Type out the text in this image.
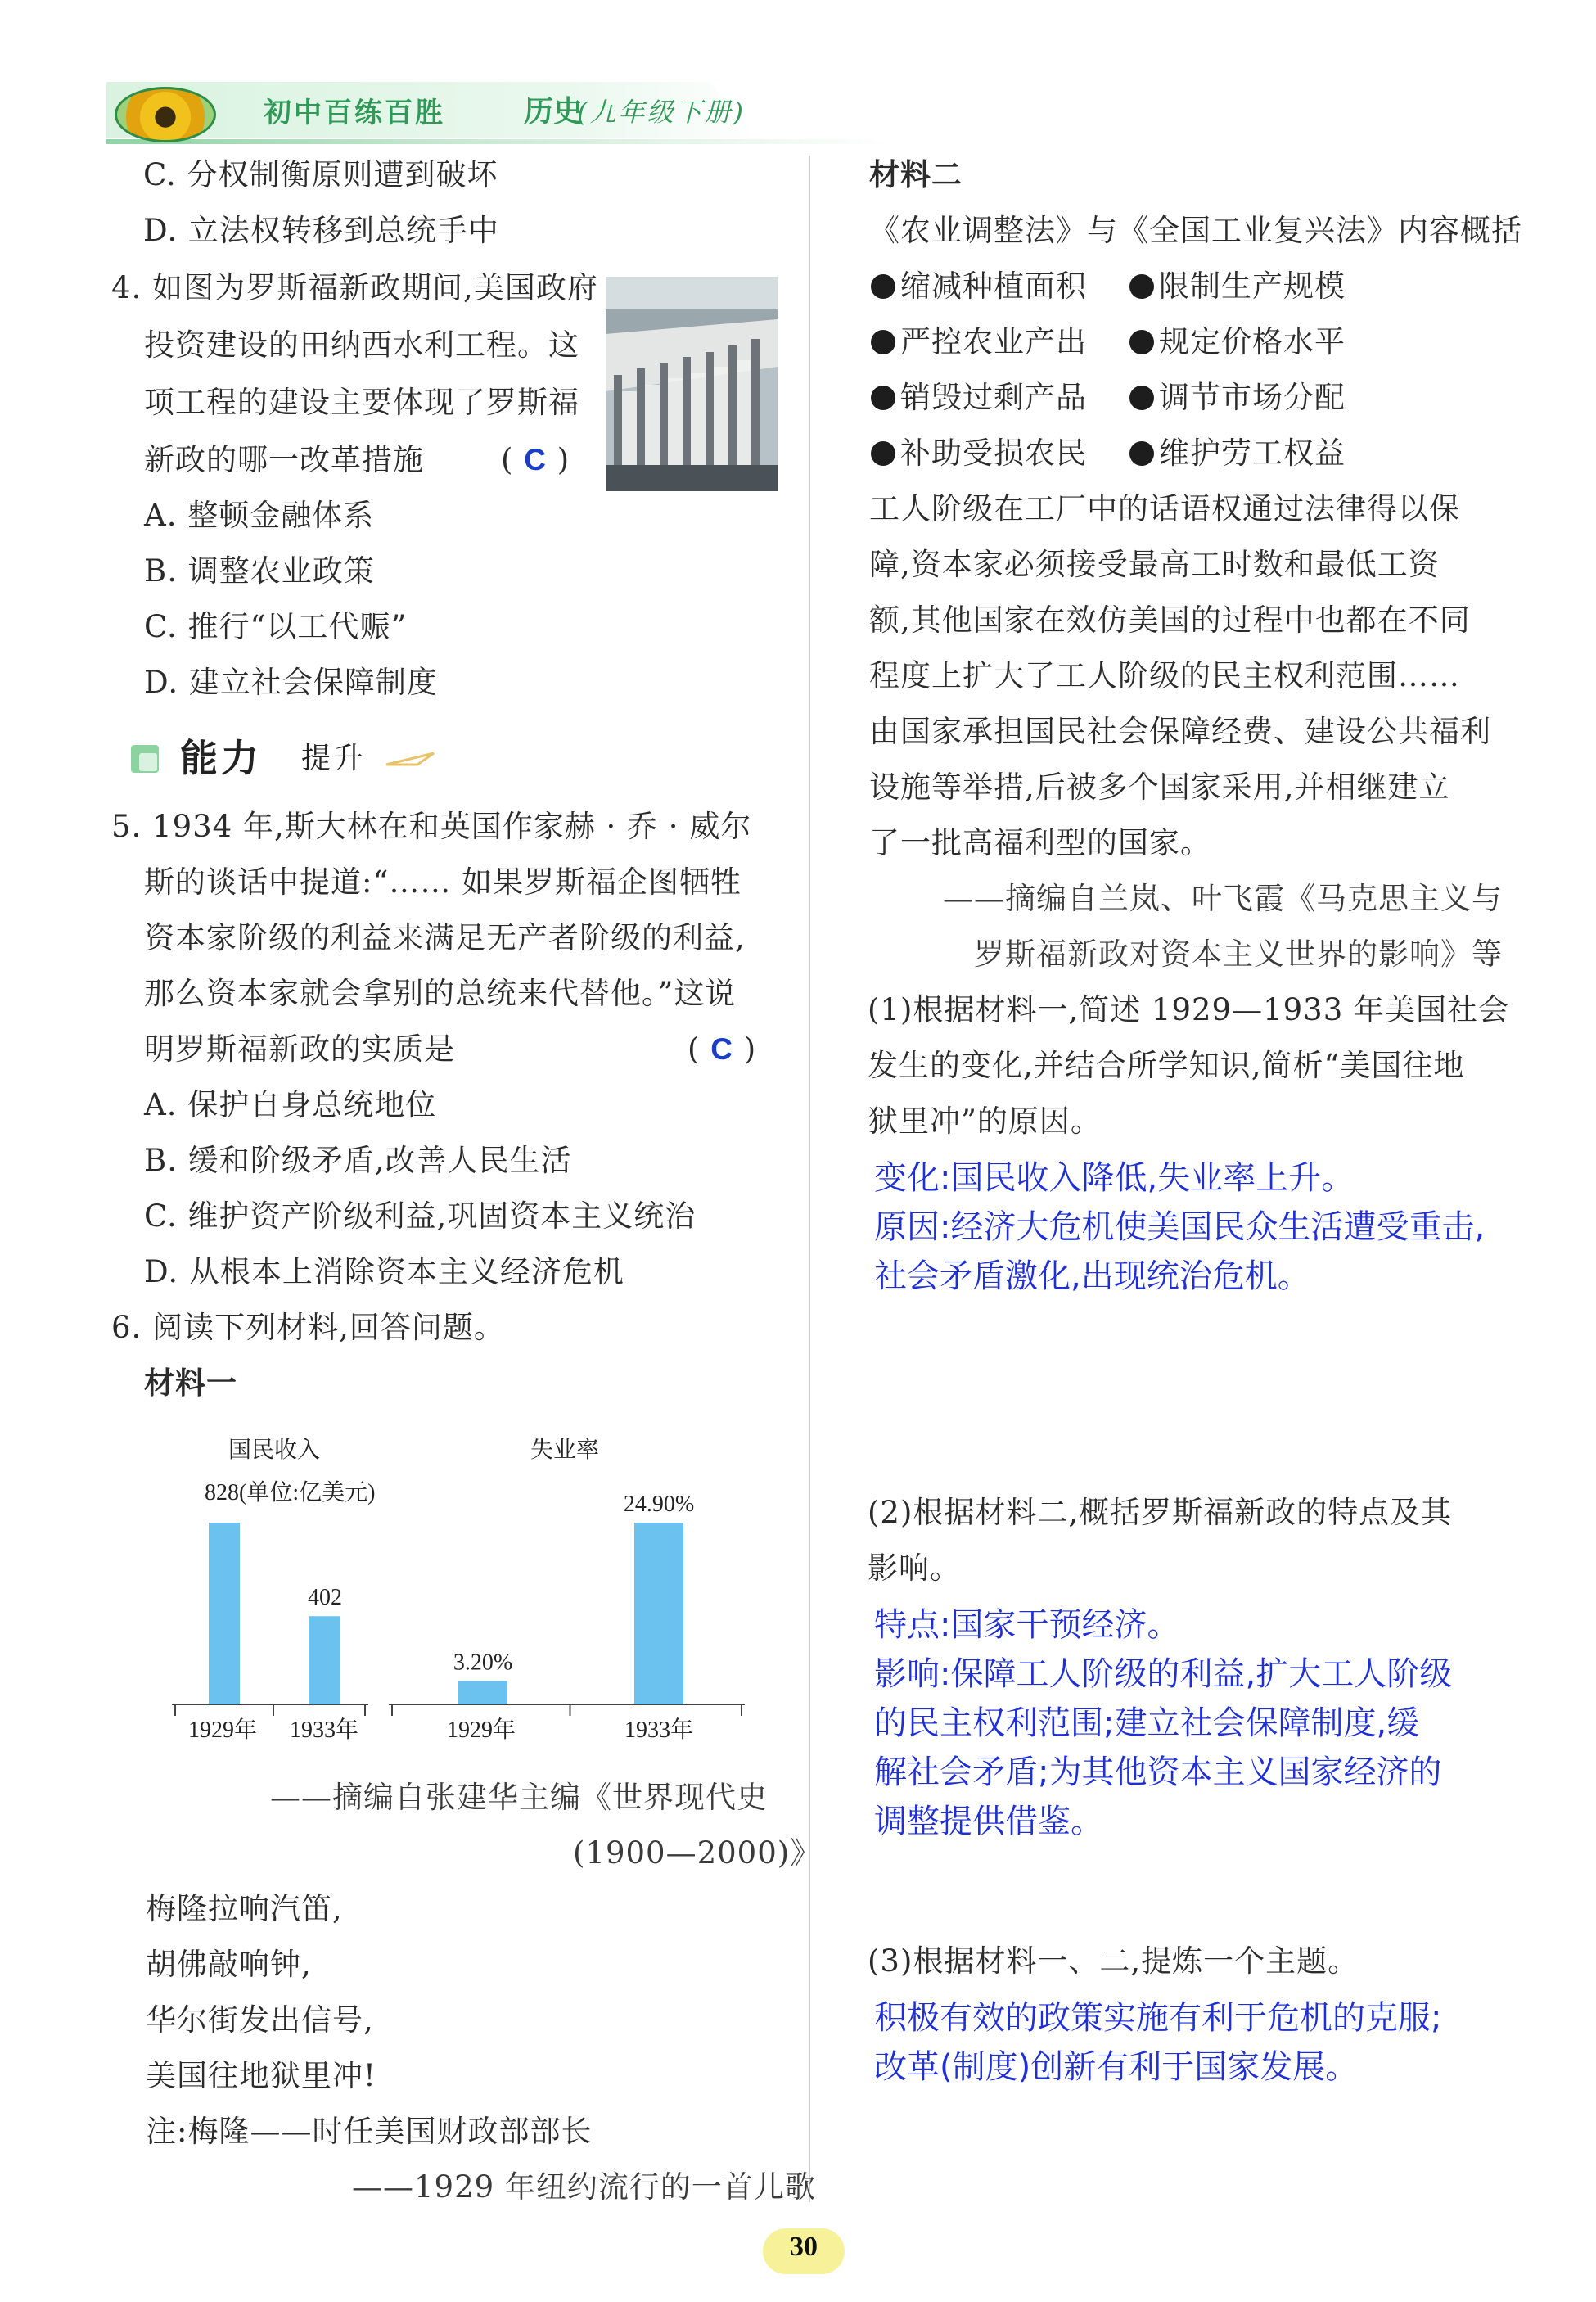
初中百练百胜	历史
(九年级下册)
C. 分权制衡原则遭到破坏
D. 立法权转移到总统手中
4. 如图为罗斯福新政期间,美国政府
投资建设的田纳西水利工程。这
项工程的建设主要体现了罗斯福
新政的哪一改革措施	( C )
A. 整顿金融体系
B. 调整农业政策
C. 推行“以工代赈”
D. 建立社会保障制度
能力 提升
5. 1934 年,斯大林在和英国作家赫 · 乔 · 威尔
斯的谈话中提道:“…… 如果罗斯福企图牺牲
资本家阶级的利益来满足无产者阶级的利益,
那么资本家就会拿别的总统来代替他。”这说
明罗斯福新政的实质是	( C )
A. 保护自身总统地位
B. 缓和阶级矛盾,改善人民生活
C. 维护资产阶级利益,巩固资本主义统治
D. 从根本上消除资本主义经济危机
6. 阅读下列材料,回答问题。
材料一
国民收入
828(单位:亿美元)
1929年
402
1933年
失业率
3.20%
1929年
24.90%
1933年
——摘编自张建华主编《世界现代史
(1900—2000)》
梅隆拉响汽笛,
胡佛敲响钟,
华尔街发出信号,
美国往地狱里冲!
注:梅隆——时任美国财政部部长
——1929 年纽约流行的一首儿歌
材料二
《农业调整法》与《全国工业复兴法》内容概括
缩减种植面积	限制生产规模
严控农业产出	规定价格水平
销毁过剩产品	调节市场分配
补助受损农民	维护劳工权益
工人阶级在工厂中的话语权通过法律得以保
障,资本家必须接受最高工时数和最低工资
额,其他国家在效仿美国的过程中也都在不同
程度上扩大了工人阶级的民主权利范围……
由国家承担国民社会保障经费、建设公共福利
设施等举措,后被多个国家采用,并相继建立
了一批高福利型的国家。
——摘编自兰岚、叶飞霞《马克思主义与
罗斯福新政对资本主义世界的影响》等
(1)根据材料一,简述 1929—1933 年美国社会
发生的变化,并结合所学知识,简析“美国往地
狱里冲”的原因。
变化:国民收入降低,失业率上升。
原因:经济大危机使美国民众生活遭受重击,
社会矛盾激化,出现统治危机。
(2)根据材料二,概括罗斯福新政的特点及其
影响。
特点:国家干预经济。
影响:保障工人阶级的利益,扩大工人阶级
的民主权利范围;建立社会保障制度,缓
解社会矛盾;为其他资本主义国家经济的
调整提供借鉴。
(3)根据材料一、二,提炼一个主题。
积极有效的政策实施有利于危机的克服;
改革(制度)创新有利于国家发展。
30
